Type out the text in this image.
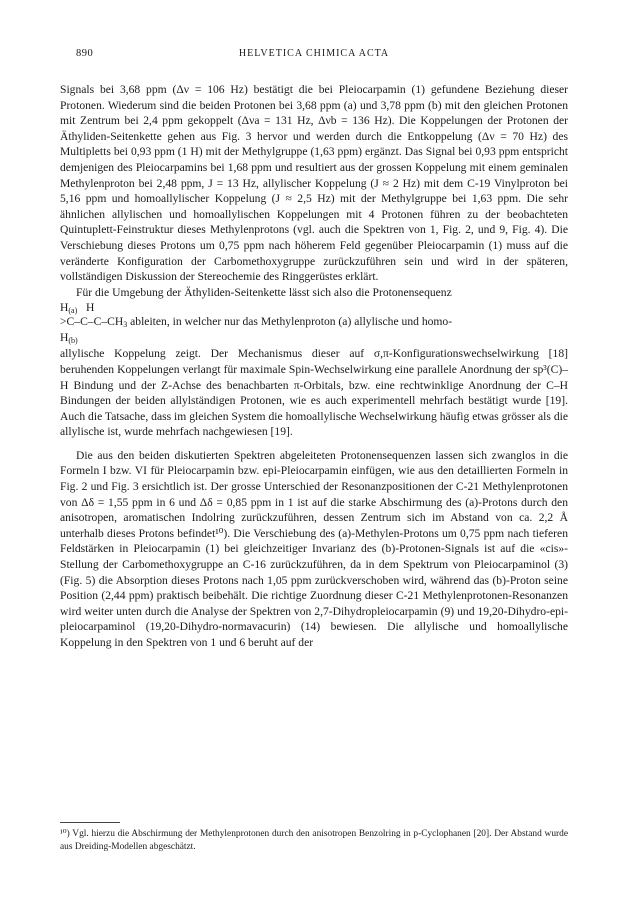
890	HELVETICA CHIMICA ACTA

Signals bei 3,68 ppm (Δν = 106 Hz) bestätigt die bei Pleiocarpamin (1) gefundene Beziehung dieser Protonen. Wiederum sind die beiden Protonen bei 3,68 ppm (a) und 3,78 ppm (b) mit den gleichen Protonen mit Zentrum bei 2,4 ppm gekoppelt (Δνa = 131 Hz, Δνb = 136 Hz). Die Koppelungen der Protonen der Äthyliden-Seitenkette gehen aus Fig. 3 hervor und werden durch die Entkoppelung (Δν = 70 Hz) des Multipletts bei 0,93 ppm (1 H) mit der Methylgruppe (1,63 ppm) ergänzt. Das Signal bei 0,93 ppm entspricht demjenigen des Pleiocarpamins bei 1,68 ppm und resultiert aus der grossen Koppelung mit einem geminalen Methylenproton bei 2,48 ppm, J = 13 Hz, allylischer Koppelung (J ≈ 2 Hz) mit dem C-19 Vinylproton bei 5,16 ppm und homoallylischer Koppelung (J ≈ 2,5 Hz) mit der Methylgruppe bei 1,63 ppm. Die sehr ähnlichen allylischen und homoallylischen Koppelungen mit 4 Protonen führen zu der beobachteten Quintuplett-Feinstruktur dieses Methylenprotons (vgl. auch die Spektren von 1, Fig. 2, und 9, Fig. 4). Die Verschiebung dieses Protons um 0,75 ppm nach höherem Feld gegenüber Pleiocarpamin (1) muss auf die veränderte Konfiguration der Carbomethoxygruppe zurückzuführen sein und wird in der späteren, vollständigen Diskussion der Stereochemie des Ringgerüstes erklärt.

Für die Umgebung der Äthyliden-Seitenkette lässt sich also die Protonensequenz

$H_{(a)}$ H
$>C-C-C-CH_3$ ableiten, in welcher nur das Methylenproton (a) allylische und homo-
$H_{(b)}$

allylische Koppelung zeigt. Der Mechanismus dieser auf σ,π-Konfigurationswechselwirkung [18] beruhenden Koppelungen verlangt für maximale Spin-Wechselwirkung eine parallele Anordnung der sp³(C)–H Bindung und der Z-Achse des benachbarten π-Orbitals, bzw. eine rechtwinklige Anordnung der C–H Bindungen der beiden allylständigen Protonen, wie es auch experimentell mehrfach bestätigt wurde [19]. Auch die Tatsache, dass im gleichen System die homoallylische Wechselwirkung häufig etwas grösser als die allylische ist, wurde mehrfach nachgewiesen [19].

Die aus den beiden diskutierten Spektren abgeleiteten Protonensequenzen lassen sich zwanglos in die Formeln I bzw. VI für Pleiocarpamin bzw. epi-Pleiocarpamin einfügen, wie aus den detaillierten Formeln in Fig. 2 und Fig. 3 ersichtlich ist. Der grosse Unterschied der Resonanzpositionen der C-21 Methylenprotonen von Δδ = 1,55 ppm in 6 und Δδ = 0,85 ppm in 1 ist auf die starke Abschirmung des (a)-Protons durch den anisotropen, aromatischen Indolring zurückzuführen, dessen Zentrum sich im Abstand von ca. 2,2 Å unterhalb dieses Protons befindet¹⁰). Die Verschiebung des (a)-Methylen-Protons um 0,75 ppm nach tieferen Feldstärken in Pleiocarpamin (1) bei gleichzeitiger Invarianz des (b)-Protonen-Signals ist auf die «cis»-Stellung der Carbomethoxygruppe an C-16 zurückzuführen, da in dem Spektrum von Pleiocarpaminol (3) (Fig. 5) die Absorption dieses Protons nach 1,05 ppm zurückverschoben wird, während das (b)-Proton seine Position (2,44 ppm) praktisch beibehält. Die richtige Zuordnung dieser C-21 Methylenprotonen-Resonanzen wird weiter unten durch die Analyse der Spektren von 2,7-Dihydropleiocarpamin (9) und 19,20-Dihydro-epi-pleiocarpaminol (19,20-Dihydro-normavacurin) (14) bewiesen. Die allylische und homoallylische Koppelung in den Spektren von 1 und 6 beruht auf der

¹⁰) Vgl. hierzu die Abschirmung der Methylenprotonen durch den anisotropen Benzolring in p-Cyclophanen [20]. Der Abstand wurde aus Dreiding-Modellen abgeschätzt.
